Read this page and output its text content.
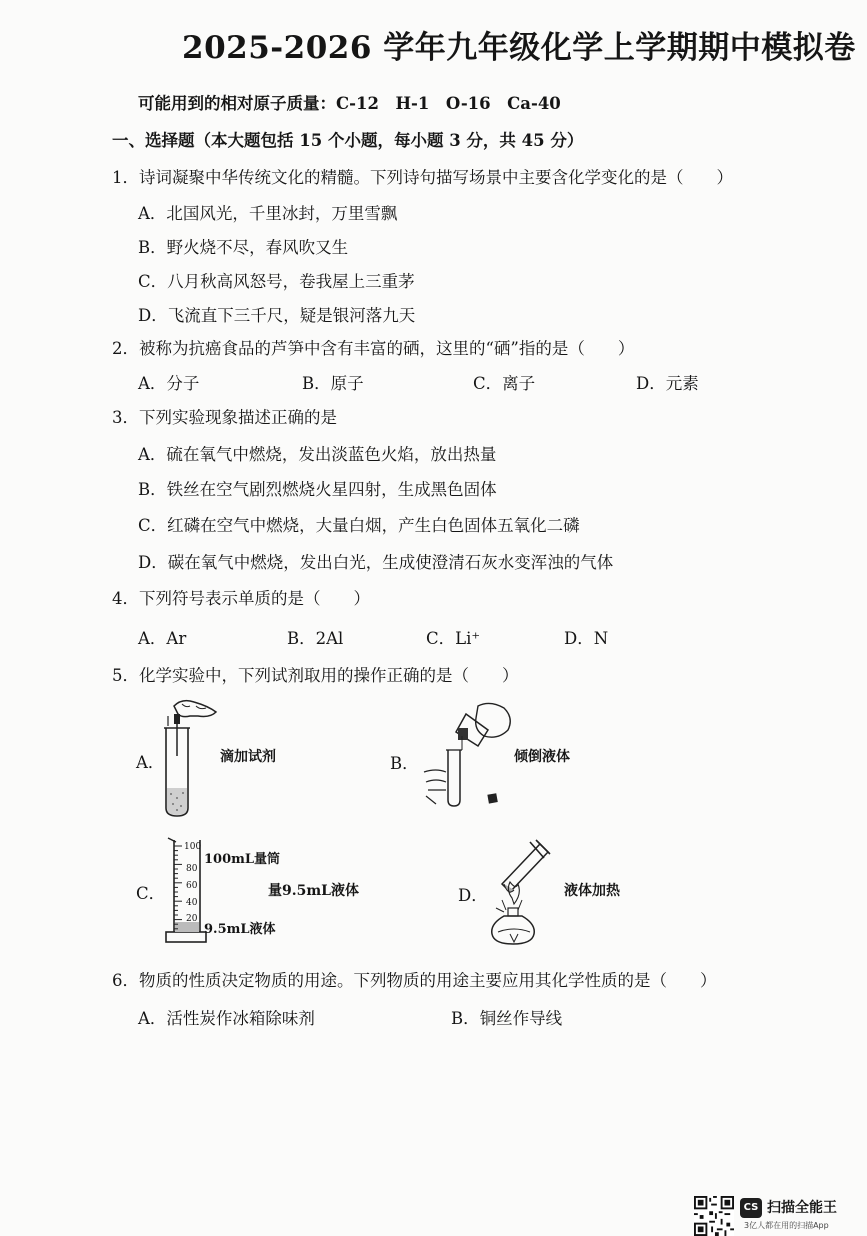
2025-2026 学年九年级化学上学期期中模拟卷
可能用到的相对原子质量：C-12　H-1　O-16　Ca-40
一、选择题（本大题包括 15 个小题，每小题 3 分，共 45 分）
1．诗词凝聚中华传统文化的精髓。下列诗句描写场景中主要含化学变化的是（　　）
A．北国风光，千里冰封，万里雪飘
B．野火烧不尽，春风吹又生
C．八月秋高风怒号，卷我屋上三重茅
D．飞流直下三千尺，疑是银河落九天
2．被称为抗癌食品的芦笋中含有丰富的硒，这里的“硒”指的是（　　）
A．分子	B．原子	C．离子	D．元素
3．下列实验现象描述正确的是
A．硫在氧气中燃烧，发出淡蓝色火焰，放出热量
B．铁丝在空气剧烈燃烧火星四射，生成黑色固体
C．红磷在空气中燃烧，大量白烟，产生白色固体五氧化二磷
D．碳在氧气中燃烧，发出白光，生成使澄清石灰水变浑浊的气体
4．下列符号表示单质的是（　　）
A．Ar	B．2Al	C．Li⁺	D．N
5．化学实验中，下列试剂取用的操作正确的是（　　）
A．	滴加试剂	B．	倾倒液体
C．
100
80
60
40
20
100mL量筒
9.5mL液体
量9.5mL液体	D．	液体加热
6．物质的性质决定物质的用途。下列物质的用途主要应用其化学性质的是（　　）
A．活性炭作冰箱除味剂	B．铜丝作导线
CS 扫描全能王
3亿人都在用的扫描App
